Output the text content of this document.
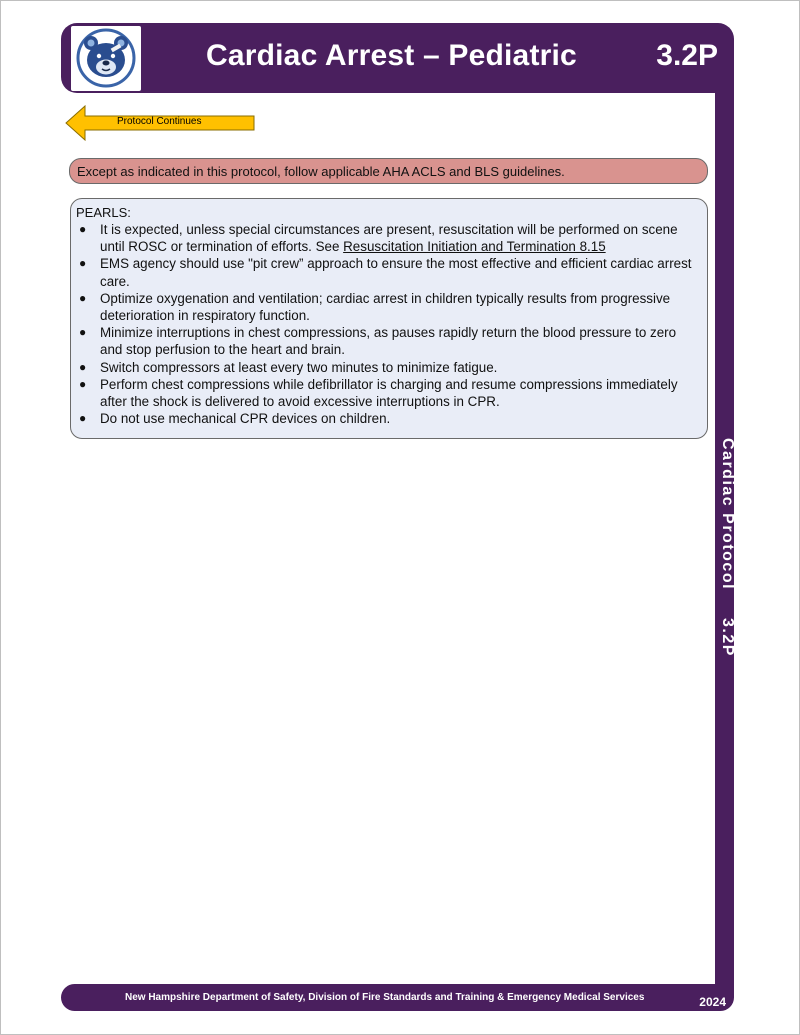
Cardiac Arrest – Pediatric	3.2P
Cardiac Protocol
3.2P
Protocol Continues
Except as indicated in this protocol, follow applicable AHA ACLS and BLS guidelines.
PEARLS:
● It is expected, unless special circumstances are present, resuscitation will be performed on scene until ROSC or termination of efforts. See Resuscitation Initiation and Termination 8.15
● EMS agency should use "pit crew” approach to ensure the most effective and efficient cardiac arrest care.
● Optimize oxygenation and ventilation; cardiac arrest in children typically results from progressive deterioration in respiratory function.
● Minimize interruptions in chest compressions, as pauses rapidly return the blood pressure to zero and stop perfusion to the heart and brain.
● Switch compressors at least every two minutes to minimize fatigue.
● Perform chest compressions while defibrillator is charging and resume compressions immediately after the shock is delivered to avoid excessive interruptions in CPR.
● Do not use mechanical CPR devices on children.
New Hampshire Department of Safety, Division of Fire Standards and Training & Emergency Medical Services	2024
